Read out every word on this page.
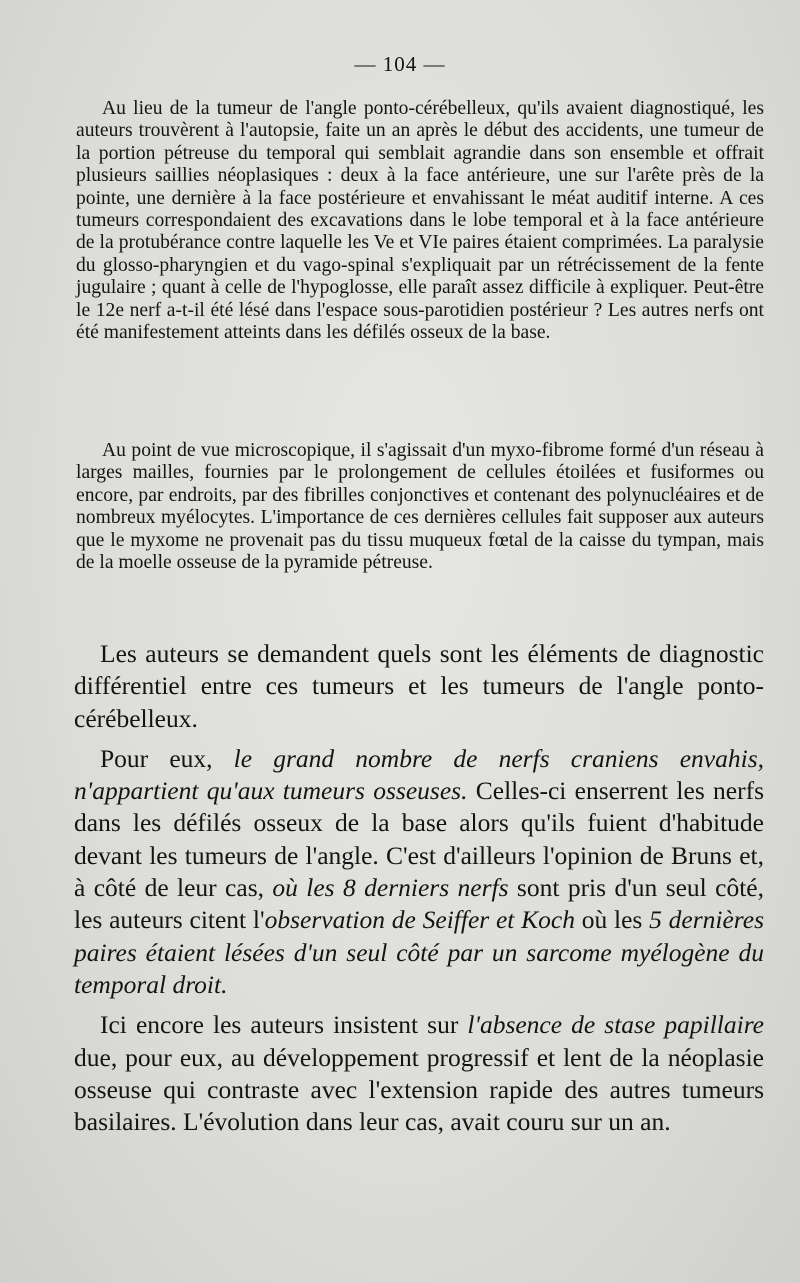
— 104 —

Au lieu de la tumeur de l'angle ponto-cérébelleux, qu'ils avaient diagnostiqué, les auteurs trouvèrent à l'autopsie, faite un an après le début des accidents, une tumeur de la portion pétreuse du temporal qui semblait agrandie dans son ensemble et offrait plusieurs saillies néoplasiques : deux à la face antérieure, une sur l'arête près de la pointe, une dernière à la face postérieure et envahissant le méat auditif interne. A ces tumeurs correspondaient des excavations dans le lobe temporal et à la face antérieure de la protubérance contre laquelle les Ve et VIe paires étaient comprimées. La paralysie du glosso-pharyngien et du vago-spinal s'expliquait par un rétrécissement de la fente jugulaire ; quant à celle de l'hypoglosse, elle paraît assez difficile à expliquer. Peut-être le 12e nerf a-t-il été lésé dans l'espace sous-parotidien postérieur ? Les autres nerfs ont été manifestement atteints dans les défilés osseux de la base.

Au point de vue microscopique, il s'agissait d'un myxo-fibrome formé d'un réseau à larges mailles, fournies par le prolongement de cellules étoilées et fusiformes ou encore, par endroits, par des fibrilles conjonctives et contenant des polynucléaires et de nombreux myélocytes. L'importance de ces dernières cellules fait supposer aux auteurs que le myxome ne provenait pas du tissu muqueux fœtal de la caisse du tympan, mais de la moelle osseuse de la pyramide pétreuse.

Les auteurs se demandent quels sont les éléments de diagnostic différentiel entre ces tumeurs et les tumeurs de l'angle ponto-cérébelleux.

Pour eux, le grand nombre de nerfs craniens envahis, n'appartient qu'aux tumeurs osseuses. Celles-ci enserrent les nerfs dans les défilés osseux de la base alors qu'ils fuient d'habitude devant les tumeurs de l'angle. C'est d'ailleurs l'opinion de Bruns et, à côté de leur cas, où les 8 derniers nerfs sont pris d'un seul côté, les auteurs citent l'observation de Seiffer et Koch où les 5 dernières paires étaient lésées d'un seul côté par un sarcome myélogène du temporal droit.

Ici encore les auteurs insistent sur l'absence de stase papillaire due, pour eux, au développement progressif et lent de la néoplasie osseuse qui contraste avec l'extension rapide des autres tumeurs basilaires. L'évolution dans leur cas, avait couru sur un an.
